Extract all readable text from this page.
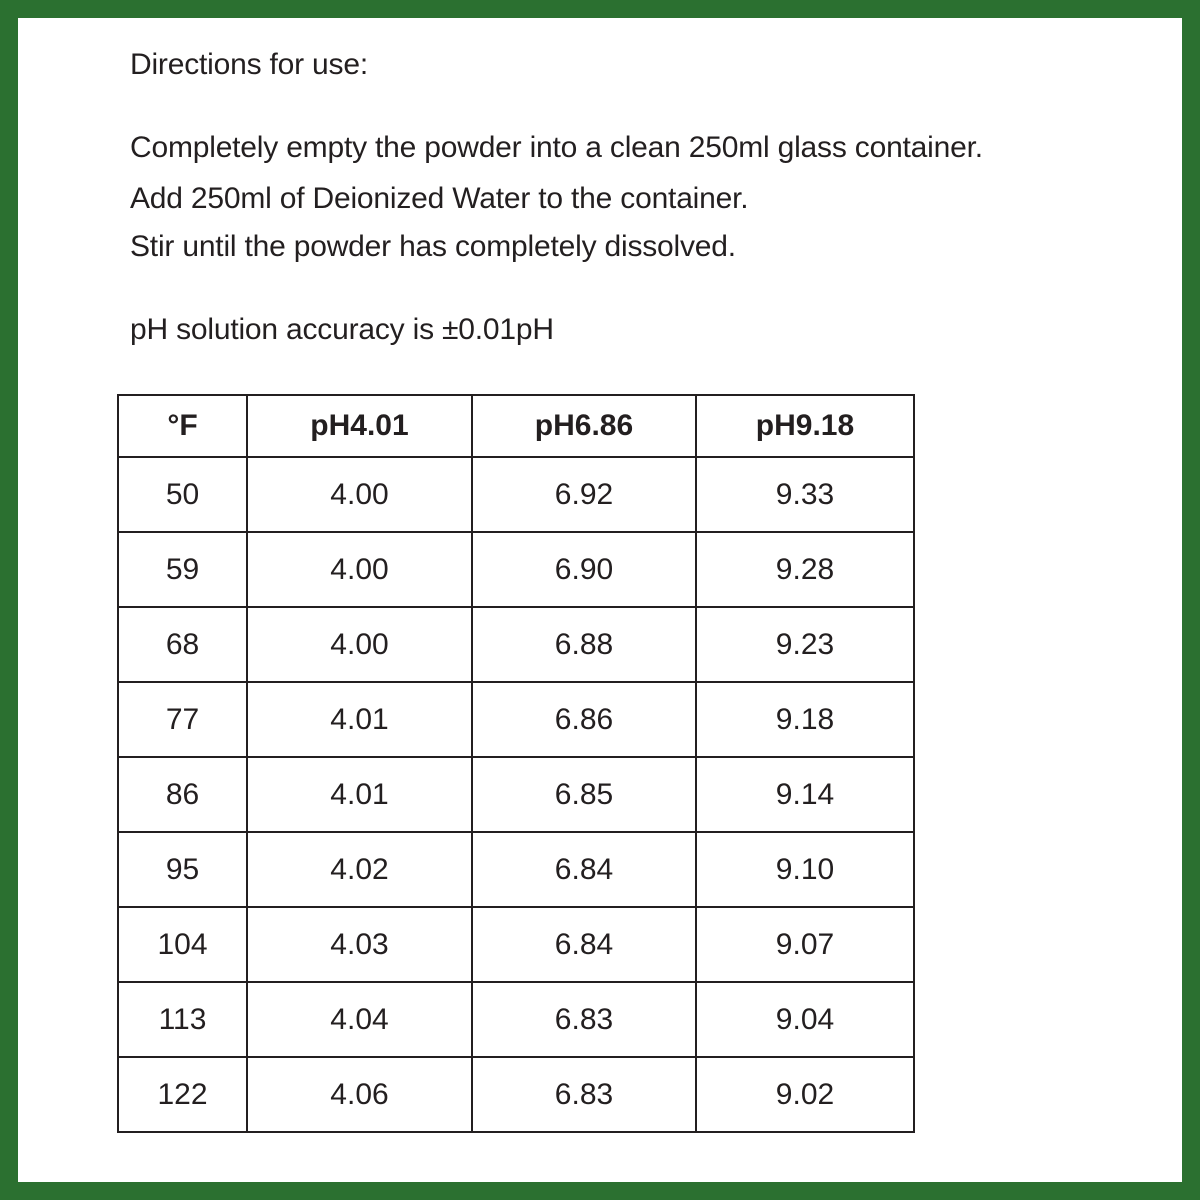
Directions for use:
Completely empty the powder into a clean 250ml glass container.
Add 250ml of Deionized Water to the container.
Stir until the powder has completely dissolved.
pH solution accuracy is ±0.01pH
°F	pH4.01	pH6.86	pH9.18
50	4.00	6.92	9.33
59	4.00	6.90	9.28
68	4.00	6.88	9.23
77	4.01	6.86	9.18
86	4.01	6.85	9.14
95	4.02	6.84	9.10
104	4.03	6.84	9.07
113	4.04	6.83	9.04
122	4.06	6.83	9.02
